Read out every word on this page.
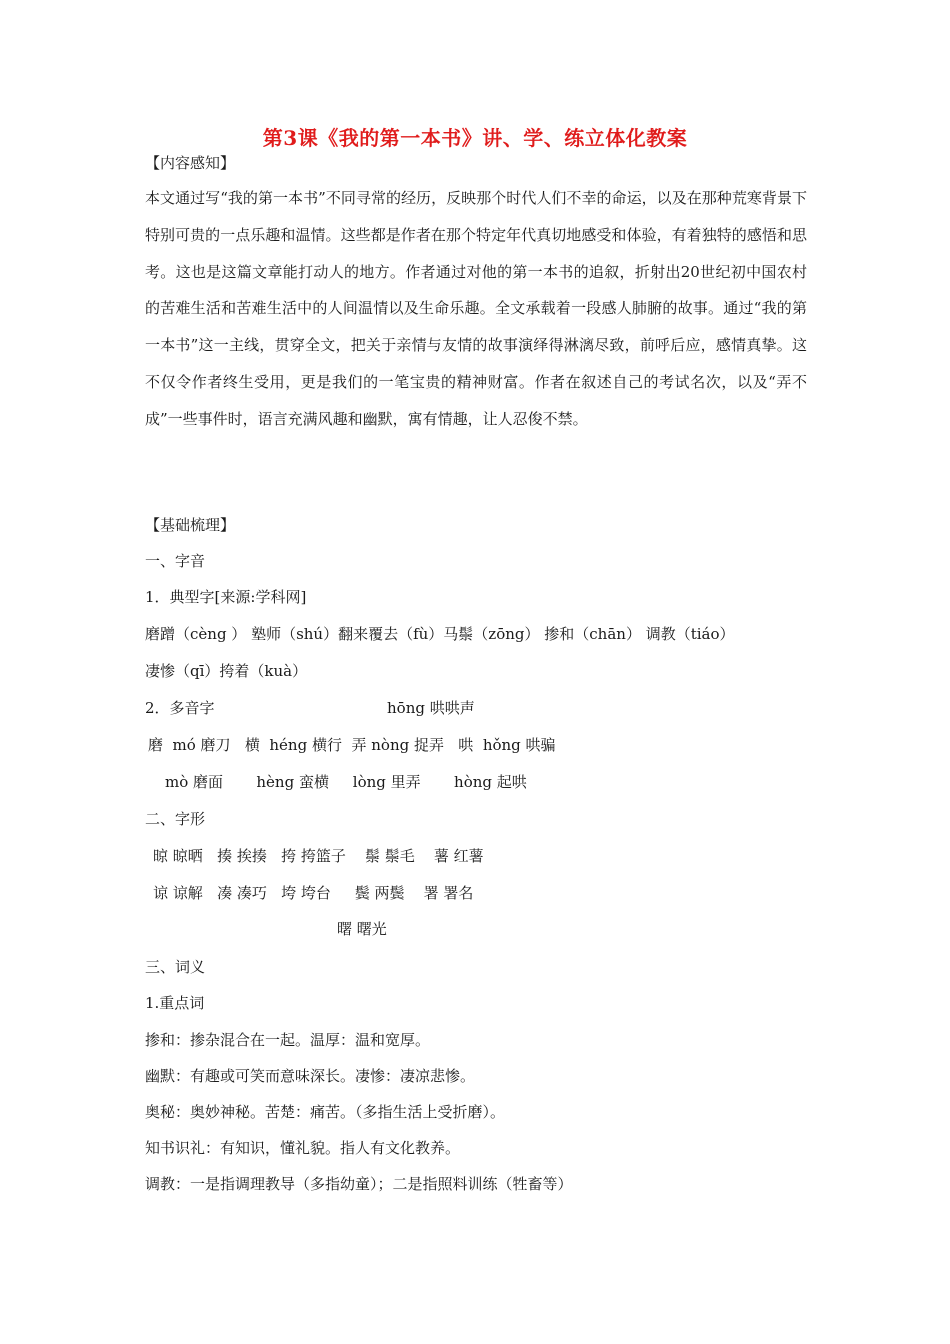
第3课《我的第一本书》讲、学、练立体化教案
【内容感知】
本文通过写“我的第一本书”不同寻常的经历，反映那个时代人们不幸的命运，以及在那种荒寒背景下特别可贵的一点乐趣和温情。这些都是作者在那个特定年代真切地感受和体验，有着独特的感悟和思考。这也是这篇文章能打动人的地方。作者通过对他的第一本书的追叙，折射出20世纪初中国农村的苦难生活和苦难生活中的人间温情以及生命乐趣。全文承载着一段感人肺腑的故事。通过“我的第一本书”这一主线，贯穿全文，把关于亲情与友情的故事演绎得淋漓尽致，前呼后应，感情真挚。这不仅令作者终生受用，更是我们的一笔宝贵的精神财富。作者在叙述自己的考试名次，以及“弄不成”一些事件时，语言充满风趣和幽默，寓有情趣，让人忍俊不禁。
【基础梳理】
一、字音
1．典型字[来源:学科网]
磨蹭（cèng ） 塾师（shú）翻来覆去（fù）马鬃（zōng） 掺和（chān） 调教（tiáo）
凄惨（qī）挎着（kuà）
2．多音字	hōng 哄哄声
磨  mó 磨刀   横  héng 横行  弄 nòng 捉弄   哄  hǒng 哄骗
mò 磨面       hèng 蛮横     lòng 里弄       hòng 起哄
二、字形
晾 晾晒   揍 挨揍   挎 挎篮子    鬃 鬃毛    薯 红薯
谅 谅解   凑 凑巧   垮 垮台     鬓 两鬓    署 署名
曙 曙光
三、词义
1.重点词
掺和：掺杂混合在一起。温厚：温和宽厚。
幽默：有趣或可笑而意味深长。凄惨：凄凉悲惨。
奥秘：奥妙神秘。苦楚：痛苦。（多指生活上受折磨）。
知书识礼：有知识，懂礼貌。指人有文化教养。
调教：一是指调理教导（多指幼童）；二是指照料训练（牲畜等）
